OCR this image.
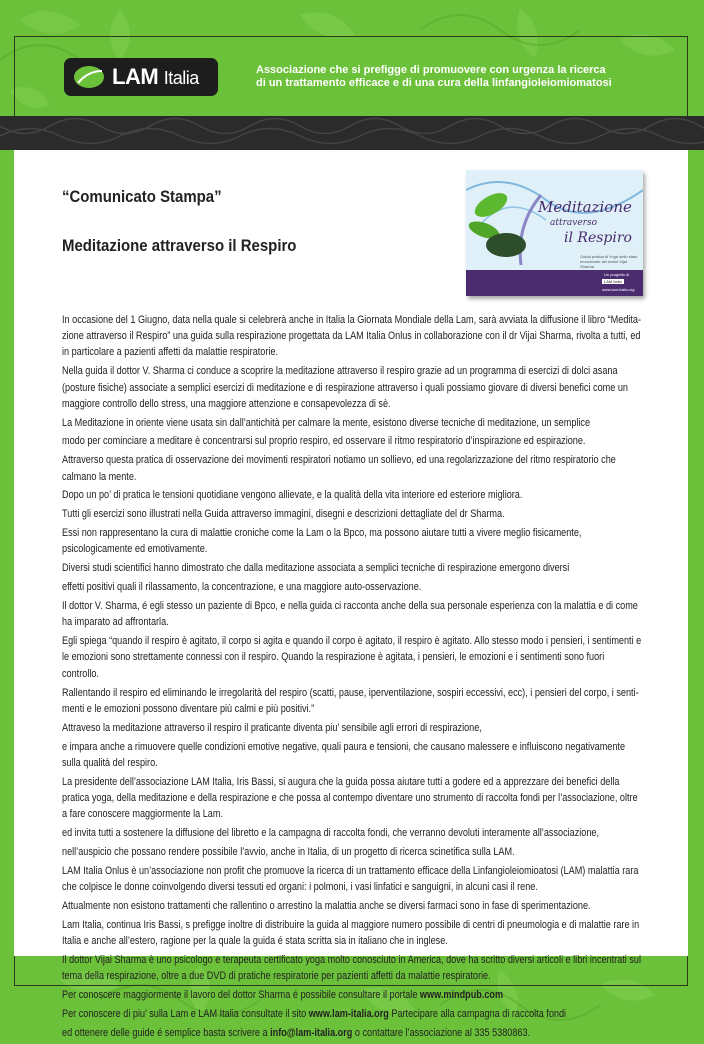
LAM Italia	Associazione che si prefigge di promuovere con urgenza la ricerca
di un trattamento efficace e di una cura della linfangioleiomiomatosi
“Comunicato Stampa”
Meditazione attraverso il Respiro
Meditazione
attraverso
il Respiro
Guida pratica di Yoga dello stato emozionale del dottor Vijai Sharma
Un progetto di
LAM Italia
www.lam-italia.org

In occasione del 1 Giugno, data nella quale si celebrerà anche in Italia la Giornata Mondiale della Lam, sarà avviata la diffusione il libro “Medita- zione attraverso il Respiro” una guida sulla respirazione progettata da LAM Italia Onlus in collaborazione con il dr Vijai Sharma, rivolta a tutti, ed in particolare a pazienti affetti da malattie respiratorie.

Nella guida il dottor V. Sharma ci conduce a scoprire la meditazione attraverso il respiro grazie ad un programma di esercizi di dolci asana (posture fisiche) associate a semplici esercizi di meditazione e di respirazione attraverso i quali possiamo giovare di diversi benefici come un maggiore controllo dello stress, una maggiore attenzione e consapevolezza di sè.

La Meditazione in oriente viene usata sin dall’antichità per calmare la mente, esistono diverse tecniche di meditazione, un semplice

modo per cominciare a meditare è concentrarsi sul proprio respiro, ed osservare il ritmo respiratorio d’inspirazione ed espirazione.

Attraverso questa pratica di osservazione dei movimenti respiratori notiamo un sollievo, ed una regolarizzazione del ritmo respiratorio che calmano la mente.

Dopo un po’ di pratica le tensioni quotidiane vengono allievate, e la qualità della vita interiore ed esteriore migliora.

Tutti gli esercizi sono illustrati nella Guida attraverso immagini, disegni e descrizioni dettagliate del dr Sharma.

Essi non rappresentano la cura di malattie croniche come la Lam o la Bpco, ma possono aiutare tutti a vivere meglio fisicamente, psicologicamente ed emotivamente.

Diversi studi scientifici hanno dimostrato che dalla meditazione associata a semplici tecniche di respirazione emergono diversi

effetti positivi quali il rilassamento, la concentrazione, e una maggiore auto-osservazione.

Il dottor V. Sharma, é egli stesso un paziente di Bpco, e nella guida ci racconta anche della sua personale esperienza con la malattia e di come ha imparato ad affrontarla.

Egli spiega “quando il respiro è agitato, il corpo si agita e quando il corpo è agitato, il respiro è agitato. Allo stesso modo i pensieri, i sentimenti e le emozioni sono strettamente connessi con il respiro. Quando la respirazione è agitata, i pensieri, le emozioni e i sentimenti sono fuori controllo.

Rallentando il respiro ed eliminando le irregolarità del respiro (scatti, pause, iperventilazione, sospiri eccessivi, ecc), i pensieri del corpo, i senti- menti e le emozioni possono diventare più calmi e più positivi.”

Attraveso la meditazione attraverso il respiro il praticante diventa piu’ sensibile agli errori di respirazione,

e impara anche a rimuovere quelle condizioni emotive negative, quali paura e tensioni, che causano malessere e influiscono negativamente sulla qualità del respiro.

La presidente dell’associazione LAM Italia, Iris Bassi, si augura che la guida possa aiutare tutti a godere ed a apprezzare dei benefici della pratica yoga, della meditazione e della respirazione e che possa al contempo diventare uno strumento di raccolta fondi per l’associazione, oltre a fare conoscere maggiormente la Lam.

ed invita tutti a sostenere la diffusione del libretto e la campagna di raccolta fondi, che verranno devoluti interamente all’associazione,

nell’auspicio che possano rendere possibile l’avvio, anche in Italia, di un progetto di ricerca scinetifica sulla LAM.

LAM Italia Onlus è un’associazione non profit che promuove la ricerca di un trattamento efficace della Linfangioleiomioatosi (LAM) malattia rara che colpisce le donne coinvolgendo diversi tessuti ed organi: i polmoni, i vasi linfatici e sanguigni, in alcuni casi il rene.

Attualmente non esistono trattamenti che rallentino o arrestino la malattia anche se diversi farmaci sono in fase di sperimentazione.

Lam Italia, continua Iris Bassi, s prefigge inoltre di distribuire la guida al maggiore numero possibile di centri di pneumologia e di malattie rare in Italia e anche all’estero, ragione per la quale la guida é stata scritta sia in italiano che in inglese.

Il dottor Vijai Sharma è uno psicologo e terapeuta certificato yoga molto conosciuto in America, dove ha scritto diversi articoli e libri incentrati sul tema della respirazione, oltre a due DVD di pratiche respiratorie per pazienti affetti da malattie respiratorie.

Per conoscere maggiormente il lavoro del dottor Sharma é possibile consultare il portale www.mindpub.com

Per conoscere di piu’ sulla Lam e LAM Italia consultate il sito www.lam-italia.org Partecipare alla campagna di raccolta fondi

ed ottenere delle guide é semplice basta scrivere a info@lam-italia.org o contattare l’associazione al 335 5380863.
